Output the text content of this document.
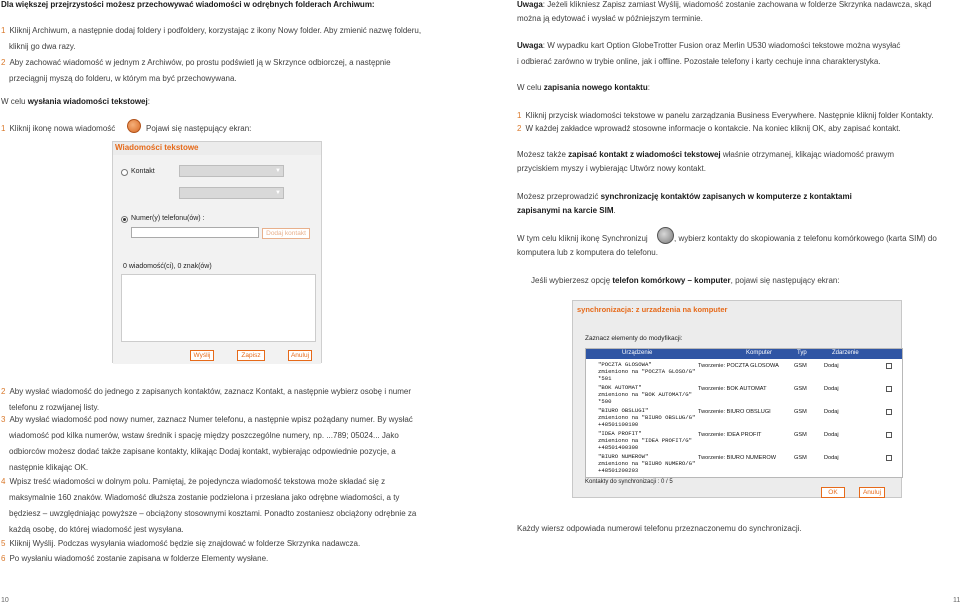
Dla większej przejrzystości możesz przechowywać wiadomości w odrębnych folderach Archiwum:
1 Kliknij Archiwum, a następnie dodaj foldery i podfoldery, korzystając z ikony Nowy folder. Aby zmienić nazwę folderu,
kliknij go dwa razy.
2 Aby zachować wiadomość w jednym z Archiwów, po prostu podświetl ją w Skrzynce odbiorczej, a następnie
przeciągnij myszą do folderu, w którym ma być przechowywana.
W celu wysłania wiadomości tekstowej:
1 Kliknij ikonę nowa wiadomość	Pojawi się następujący ekran:
Wiadomości tekstowe
Kontakt	▼
▼
Numer(y) telefonu(ów) :
Dodaj kontakt
0 wiadomość(ci), 0 znak(ów)
Wyślij	Zapisz	Anuluj
2 Aby wysłać wiadomość do jednego z zapisanych kontaktów, zaznacz Kontakt, a następnie wybierz osobę i numer
telefonu z rozwijanej listy.
3 Aby wysłać wiadomość pod nowy numer, zaznacz Numer telefonu, a następnie wpisz pożądany numer. By wysłać
wiadomość pod kilka numerów, wstaw średnik i spację między poszczególne numery, np. ...789; 05024... Jako
odbiorców możesz dodać także zapisane kontakty, klikając Dodaj kontakt, wybierając odpowiednie pozycje, a
następnie klikając OK.
4 Wpisz treść wiadomości w dolnym polu. Pamiętaj, że pojedyncza wiadomość tekstowa może składać się z
maksymalnie 160 znaków. Wiadomość dłuższa zostanie podzielona i przesłana jako odrębne wiadomości, a ty
będziesz – uwzględniając powyższe – obciążony stosownymi kosztami. Ponadto zostaniesz obciążony odrębnie za
każdą osobę, do której wiadomość jest wysyłana.
5 Kliknij Wyślij. Podczas wysyłania wiadomość będzie się znajdować w folderze Skrzynka nadawcza.
6 Po wysłaniu wiadomość zostanie zapisana w folderze Elementy wysłane.
10
Uwaga: Jeżeli klikniesz Zapisz zamiast Wyślij, wiadomość zostanie zachowana w folderze Skrzynka nadawcza, skąd
można ją edytować i wysłać w późniejszym terminie.
Uwaga: W wypadku kart Option GlobeTrotter Fusion oraz Merlin U530 wiadomości tekstowe można wysyłać
i odbierać zarówno w trybie online, jak i offline. Pozostałe telefony i karty cechuje inna charakterystyka.
W celu zapisania nowego kontaktu:
1 Kliknij przycisk wiadomości tekstowe w panelu zarządzania Business Everywhere. Następnie kliknij folder Kontakty.
2 W każdej zakładce wprowadź stosowne informacje o kontakcie. Na koniec kliknij OK, aby zapisać kontakt.
Możesz także zapisać kontakt z wiadomości tekstowej właśnie otrzymanej, klikając wiadomość prawym
przyciskiem myszy i wybierając Utwórz nowy kontakt.
Możesz przeprowadzić synchronizację kontaktów zapisanych w komputerze z kontaktami
zapisanymi na karcie SIM.
W tym celu kliknij ikonę Synchronizuj	, wybierz kontakty do skopiowania z telefonu komórkowego (karta SIM) do
komputera lub z komputera do telefonu.
Jeśli wybierzesz opcję telefon komórkowy – komputer, pojawi się następujący ekran:
Każdy wiersz odpowiada numerowi telefonu przeznaczonemu do synchronizacji.
11
synchronizacja: z urzadzenia na komputer
Zaznacz elementy do modyfikacji:
Urządzenie	Komputer	Typ	Zdarzenie
"POCZTA GLOSOWA"
zmieniono na "POCZTA GLOSO/G"
*501
Tworzenie: POCZTA GLOSOWA	GSM	Dodaj
"BOK AUTOMAT"
zmieniono na "BOK AUTOMAT/G"
*500
Tworzenie: BOK AUTOMAT	GSM	Dodaj
"BIURO OBSLUGI"
zmieniono na "BIURO OBSLUG/G"
+48501100100
Tworzenie: BIURO OBSLUGI	GSM	Dodaj
"IDEA PROFIT"
zmieniono na "IDEA PROFIT/G"
+48501400300
Tworzenie: IDEA PROFIT	GSM	Dodaj
"BIURO NUMEROW"
zmieniono na "BIURO NUMERO/G"
+48501200203
Tworzenie: BIURO NUMEROW	GSM	Dodaj
Kontakty do synchronizacji : 0 / 5
OK	Anuluj
